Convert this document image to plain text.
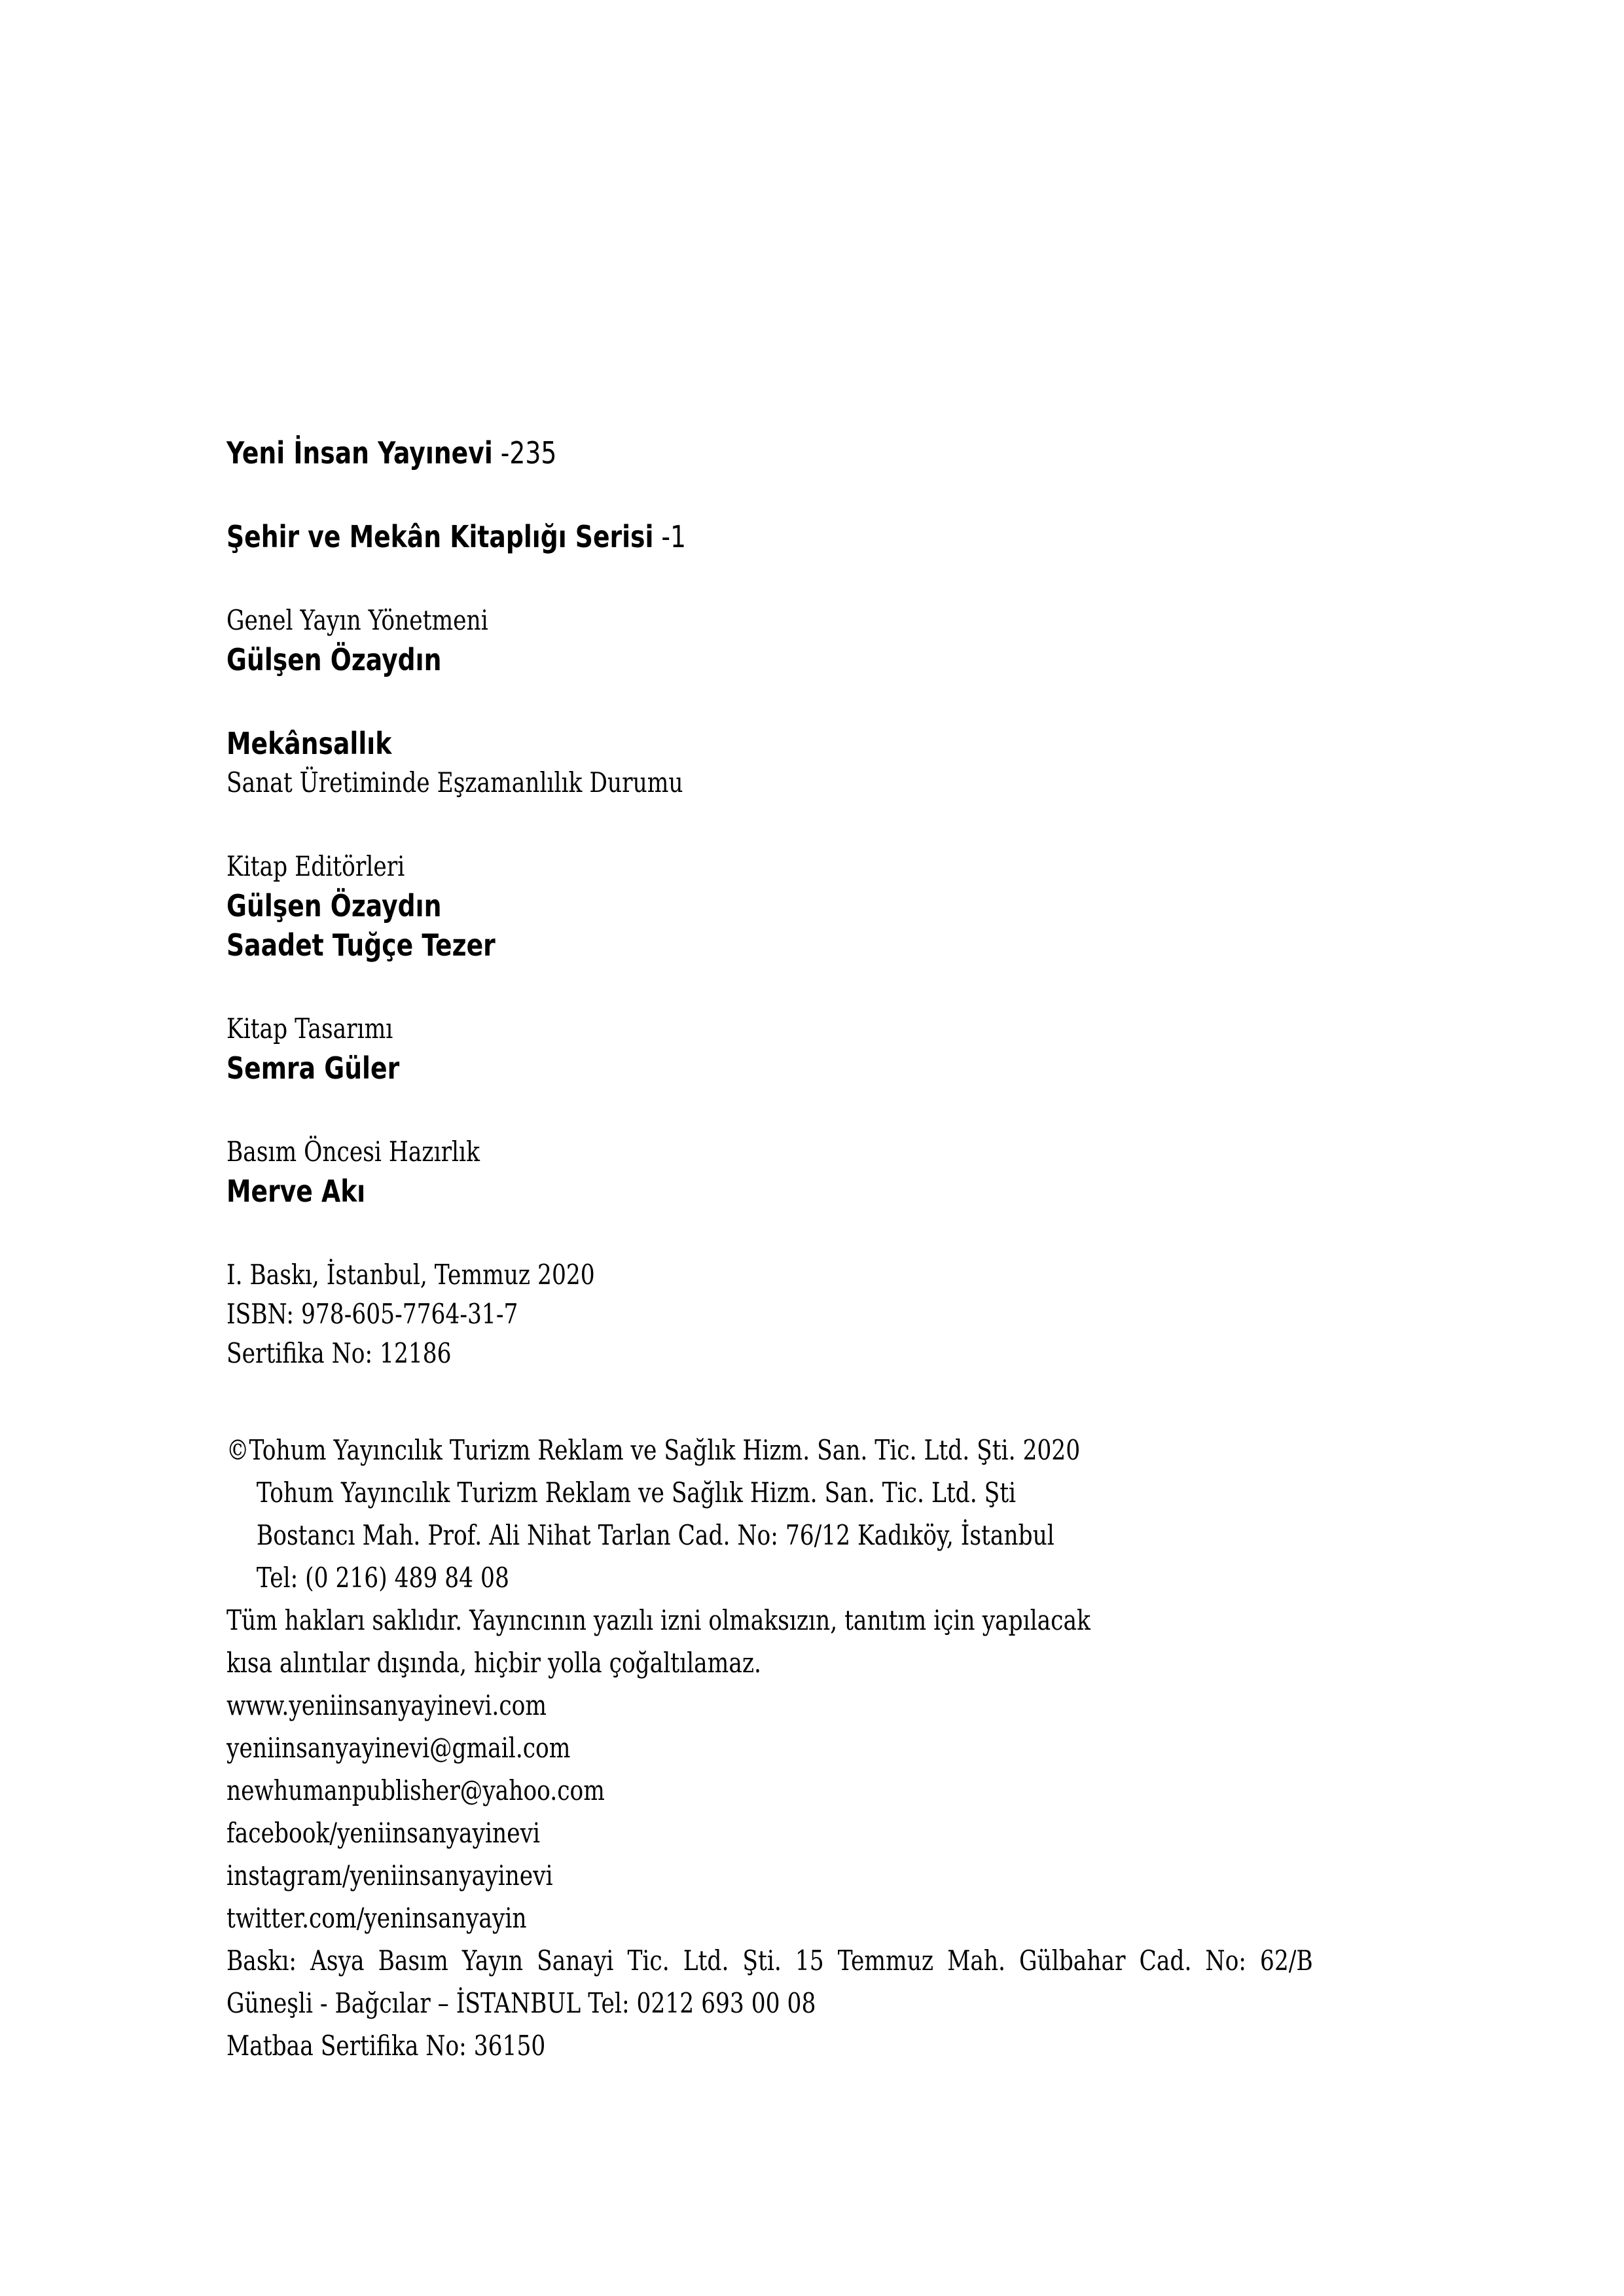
Yeni İnsan Yayınevi -235
Şehir ve Mekân Kitaplığı Serisi -1
Genel Yayın Yönetmeni
Gülşen Özaydın
Mekânsallık
Sanat Üretiminde Eşzamanlılık Durumu
Kitap Editörleri
Gülşen Özaydın
Saadet Tuğçe Tezer
Kitap Tasarımı
Semra Güler
Basım Öncesi Hazırlık
Merve Akı
I. Baskı, İstanbul, Temmuz 2020
ISBN: 978-605-7764-31-7
Sertifika No: 12186
©Tohum Yayıncılık Turizm Reklam ve Sağlık Hizm. San. Tic. Ltd. Şti. 2020
Tohum Yayıncılık Turizm Reklam ve Sağlık Hizm. San. Tic. Ltd. Şti
Bostancı Mah. Prof. Ali Nihat Tarlan Cad. No: 76/12 Kadıköy, İstanbul
Tel: (0 216) 489 84 08
Tüm hakları saklıdır. Yayıncının yazılı izni olmaksızın, tanıtım için yapılacak
kısa alıntılar dışında, hiçbir yolla çoğaltılamaz.
www.yeniinsanyayinevi.com
yeniinsanyayinevi@gmail.com
newhumanpublisher@yahoo.com
facebook/yeniinsanyayinevi
instagram/yeniinsanyayinevi
twitter.com/yeninsanyayin
Baskı: Asya Basım Yayın Sanayi Tic. Ltd. Şti. 15 Temmuz Mah. Gülbahar Cad. No: 62/B
Güneşli - Bağcılar – İSTANBUL Tel: 0212 693 00 08
Matbaa Sertifika No: 36150
